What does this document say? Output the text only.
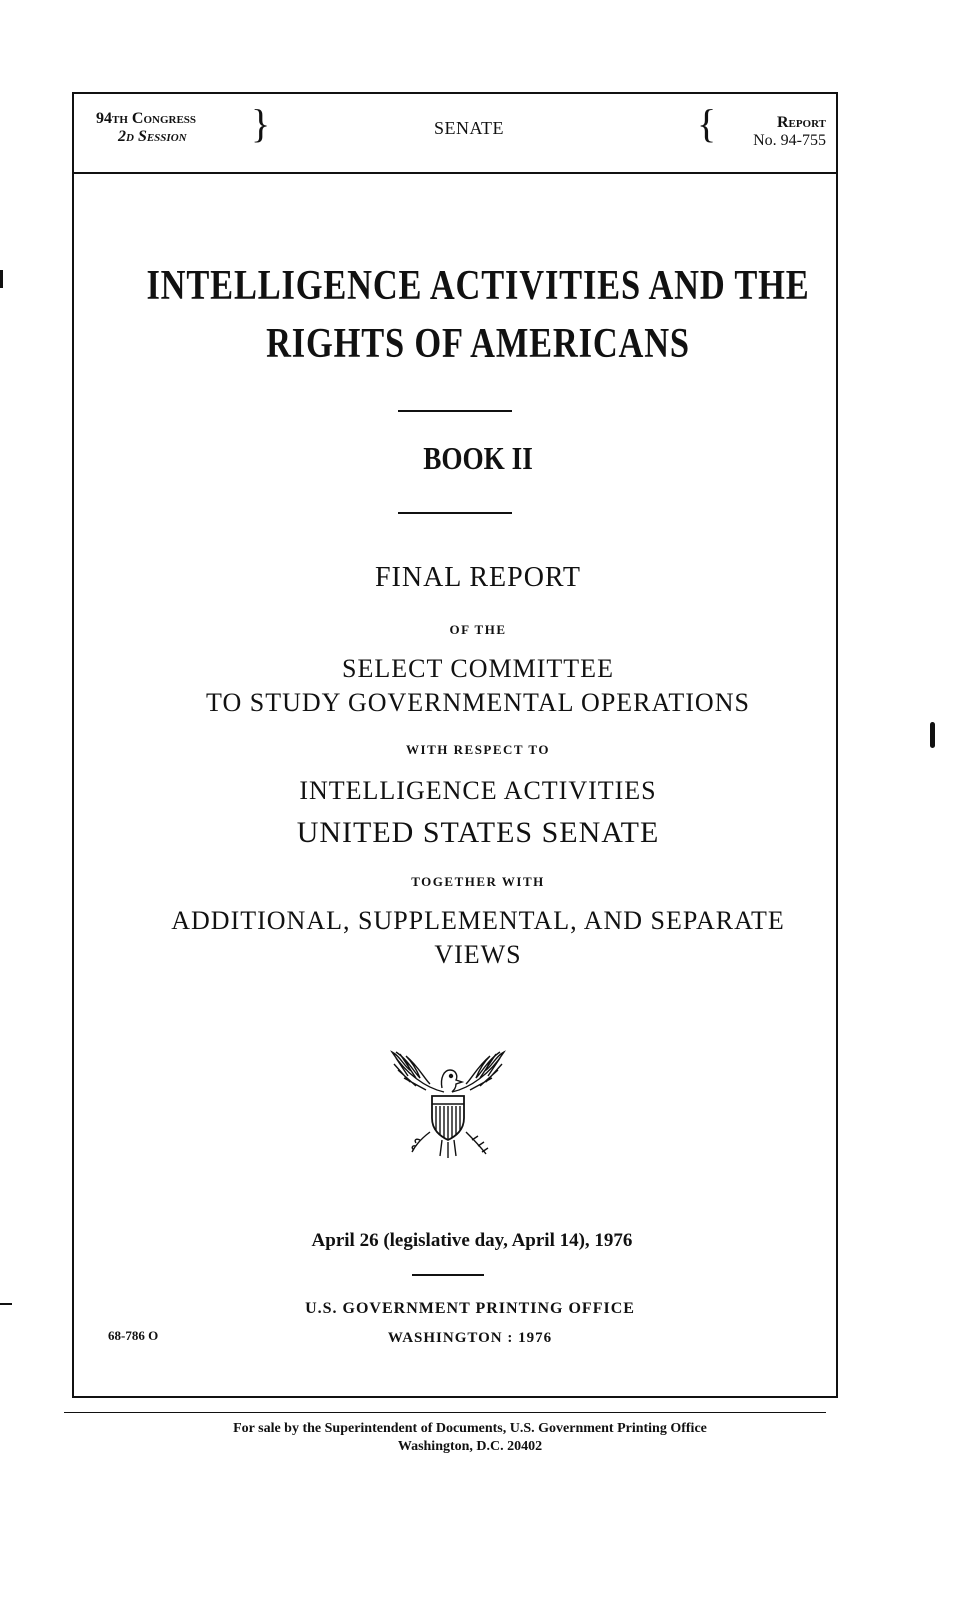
94th Congress
2d Session }	SENATE	{	Report
No. 94-755
INTELLIGENCE ACTIVITIES AND THE
RIGHTS OF AMERICANS
BOOK II
FINAL REPORT
OF THE
SELECT COMMITTEE
TO STUDY GOVERNMENTAL OPERATIONS
WITH RESPECT TO
INTELLIGENCE ACTIVITIES
UNITED STATES SENATE
TOGETHER WITH
ADDITIONAL, SUPPLEMENTAL, AND SEPARATE
VIEWS
April 26 (legislative day, April 14), 1976
U.S. GOVERNMENT PRINTING OFFICE
WASHINGTON : 1976
68-786 O
For sale by the Superintendent of Documents, U.S. Government Printing Office
Washington, D.C. 20402
